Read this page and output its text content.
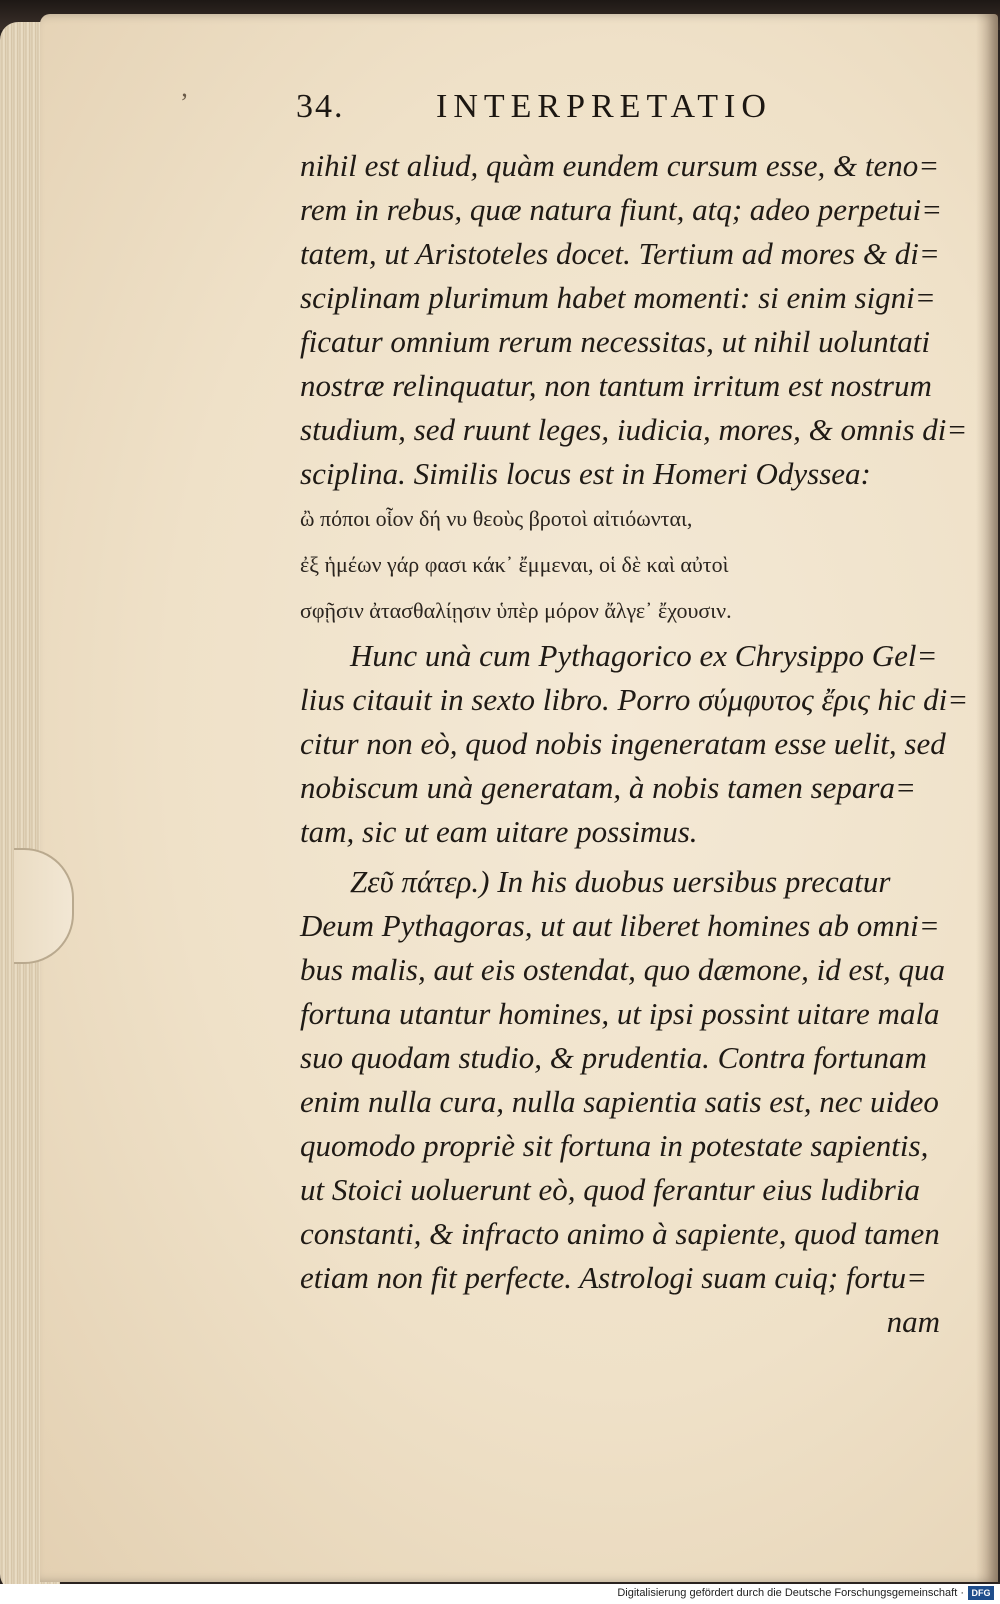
34.	INTERPRETATIO
nihil est aliud, quàm eundem cursum esse, & teno=
rem in rebus, quæ natura fiunt, atq; adeo perpetui=
tatem, ut Aristoteles docet. Tertium ad mores & di=
sciplinam plurimum habet momenti: si enim signi=
ficatur omnium rerum necessitas, ut nihil uoluntati
nostræ relinquatur, non tantum irritum est nostrum
studium, sed ruunt leges, iudicia, mores, & omnis di=
sciplina. Similis locus est in Homeri Odyssea:
ὢ πόποι οἷον δή νυ θεοὺς βροτοὶ αἰτιόωνται,
ἐξ ἡμέων γάρ φασι κάκ᾽ ἔμμεναι, οἱ δὲ καὶ αὐτοὶ
σφῇσιν ἀτασθαλίῃσιν ὑπὲρ μόρον ἄλγε᾽ ἔχουσιν.
Hunc unà cum Pythagorico ex Chrysippo Gel=
lius citauit in sexto libro. Porro σύμφυτος ἔρις hic di=
citur non eò, quod nobis ingeneratam esse uelit, sed
nobiscum unà generatam, à nobis tamen separa=
tam, sic ut eam uitare possimus.
Ζεῦ πάτερ.) In his duobus uersibus precatur
Deum Pythagoras, ut aut liberet homines ab omni=
bus malis, aut eis ostendat, quo dæmone, id est, qua
fortuna utantur homines, ut ipsi possint uitare mala
suo quodam studio, & prudentia. Contra fortunam
enim nulla cura, nulla sapientia satis est, nec uideo
quomodo propriè sit fortuna in potestate sapientis,
ut Stoici uoluerunt eò, quod ferantur eius ludibria
constanti, & infracto animo à sapiente, quod tamen
etiam non fit perfecte. Astrologi suam cuiq; fortu=
nam
ʼ
Digitalisierung gefördert durch die Deutsche Forschungsgemeinschaft · DFG
